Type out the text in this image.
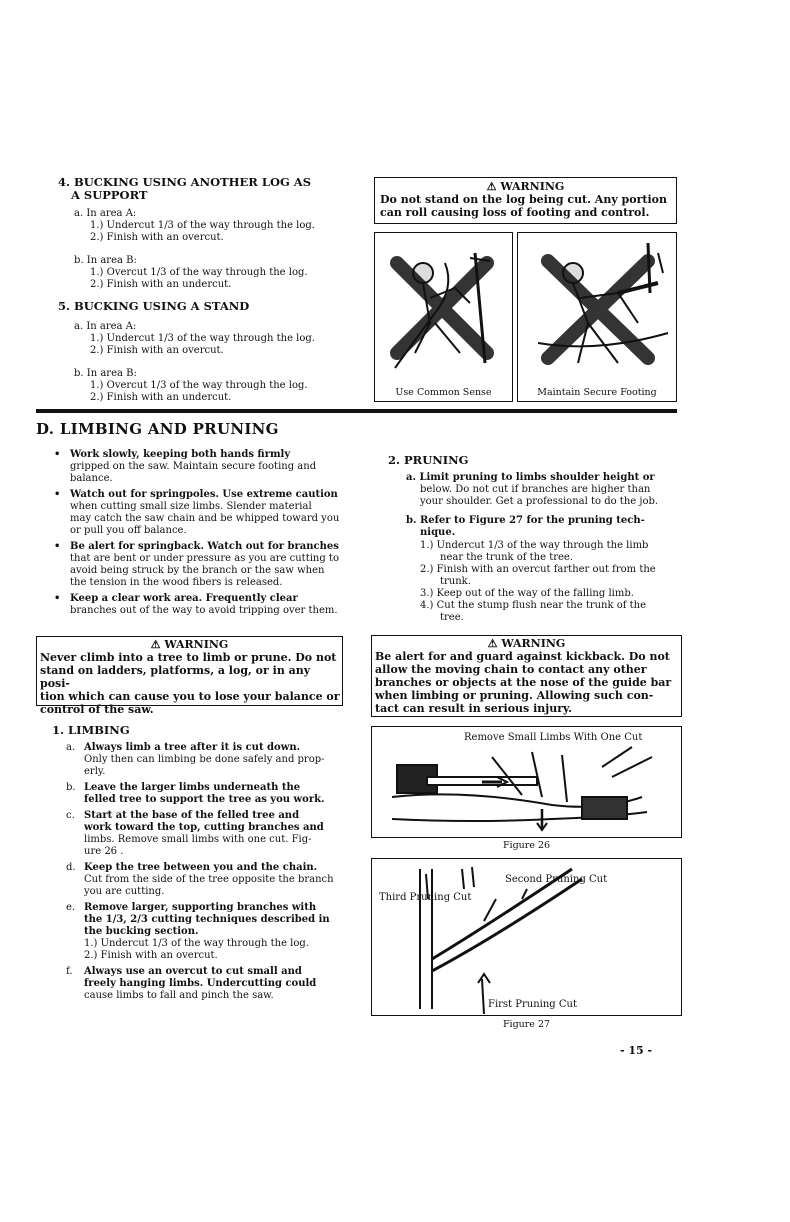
4. BUCKING USING ANOTHER LOG AS
A SUPPORT
a. In area A:
1.) Undercut 1/3 of the way through the log.
2.) Finish with an overcut.
b. In area B:
1.) Overcut 1/3 of the way through the log.
2.) Finish with an undercut.
5. BUCKING USING A STAND
a. In area A:
1.) Undercut 1/3 of the way through the log.
2.) Finish with an overcut.
b. In area B:
1.) Overcut 1/3 of the way through the log.
2.) Finish with an undercut.
⚠ WARNING
Do not stand on the log being cut. Any portion
can roll causing loss of footing and control.
Use Common Sense	Maintain Secure Footing
D. LIMBING AND PRUNING
• Work slowly, keeping both hands firmly

gripped on the saw. Maintain secure footing and

balance.

• Watch out for springpoles. Use extreme caution

when cutting small size limbs. Slender material

may catch the saw chain and be whipped toward you

or pull you off balance.

• Be alert for springback. Watch out for branches

that are bent or under pressure as you are cutting to

avoid being struck by the branch or the saw when

the tension in the wood fibers is released.

• Keep a clear work area. Frequently clear

branches out of the way to avoid tripping over them.

⚠ WARNING
Never climb into a tree to limb or prune. Do not
stand on ladders, platforms, a log, or in any posi-
tion which can cause you to lose your balance or
control of the saw.
1. LIMBING
a. Always limb a tree after it is cut down.

Only then can limbing be done safely and prop-

erly.

b. Leave the larger limbs underneath the

felled tree to support the tree as you work.

c. Start at the base of the felled tree and

work toward the top, cutting branches and

limbs. Remove small limbs with one cut. Fig-

ure 26 .

d. Keep the tree between you and the chain.

Cut from the side of the tree opposite the branch

you are cutting.

e. Remove larger, supporting branches with

the 1/3, 2/3 cutting techniques described in

the bucking section.

1.) Undercut 1/3 of the way through the log.

2.) Finish with an overcut.

f. Always use an overcut to cut small and

freely hanging limbs. Undercutting could

cause limbs to fall and pinch the saw.

2. PRUNING
a. Limit pruning to limbs shoulder height or
below. Do not cut if branches are higher than
your shoulder. Get a professional to do the job.
b. Refer to Figure 27 for the pruning tech-
nique.
1.) Undercut 1/3 of the way through the limb
near the trunk of the tree.
2.) Finish with an overcut farther out from the
trunk.
3.) Keep out of the way of the falling limb.
4.) Cut the stump flush near the trunk of the
tree.
⚠ WARNING
Be alert for and guard against kickback. Do not
allow the moving chain to contact any other
branches or objects at the nose of the guide bar
when limbing or pruning. Allowing such con-
tact can result in serious injury.
Remove Small Limbs With One Cut
Figure 26
Second Pruning Cut
Third Pruning Cut
First Pruning Cut
Figure 27
- 15 -
